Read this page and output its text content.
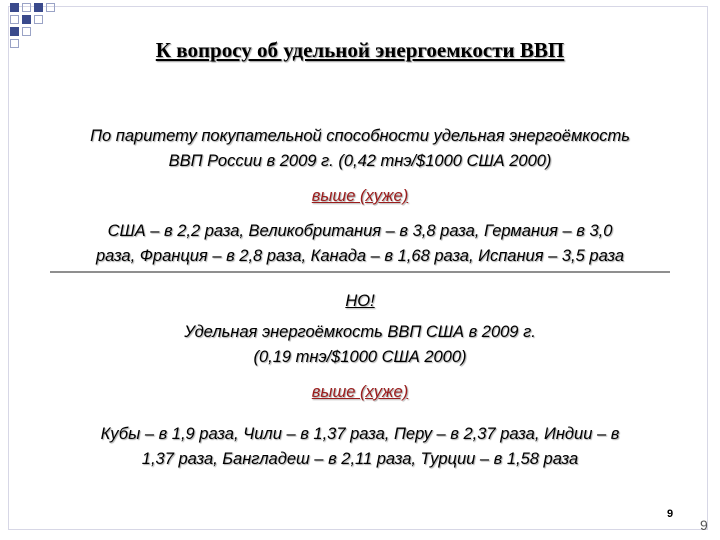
К вопросу об удельной энергоемкости ВВП
По паритету покупательной способности удельная энергоёмкость
ВВП России в 2009 г. (0,42 тнэ/$1000 США 2000)
выше (хуже)
США – в 2,2 раза, Великобритания – в 3,8 раза, Германия – в 3,0
раза, Франция – в 2,8 раза, Канада – в 1,68 раза, Испания – 3,5 раза
НО!
Удельная энергоёмкость ВВП США в 2009 г.
(0,19 тнэ/$1000 США 2000)
выше (хуже)
Кубы – в 1,9 раза, Чили – в 1,37 раза, Перу – в 2,37 раза, Индии – в
1,37 раза, Бангладеш – в 2,11 раза, Турции – в 1,58 раза
9
9
